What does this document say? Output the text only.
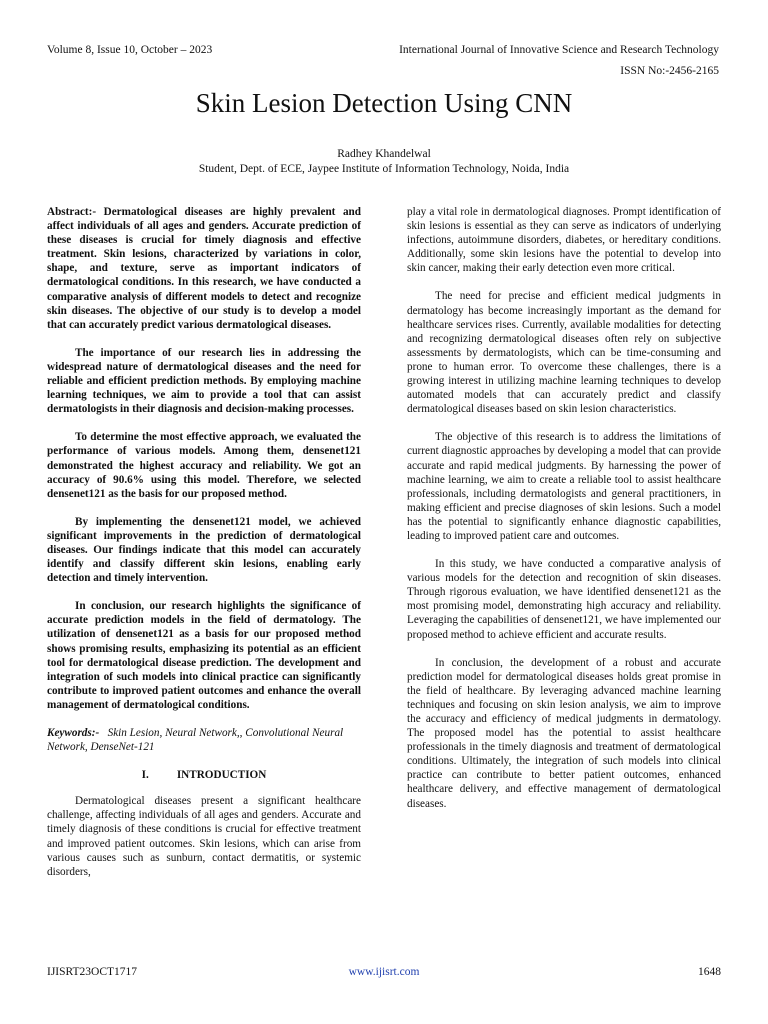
Volume 8, Issue 10, October – 2023	International Journal of Innovative Science and Research Technology
ISSN No:-2456-2165
Skin Lesion Detection Using CNN
Radhey Khandelwal
Student, Dept. of ECE, Jaypee Institute of Information Technology, Noida, India

Abstract:- Dermatological diseases are highly prevalent and affect individuals of all ages and genders. Accurate prediction of these diseases is crucial for timely diagnosis and effective treatment. Skin lesions, characterized by variations in color, shape, and texture, serve as important indicators of dermatological conditions. In this research, we have conducted a comparative analysis of different models to detect and recognize skin diseases. The objective of our study is to develop a model that can accurately predict various dermatological diseases.

The importance of our research lies in addressing the widespread nature of dermatological diseases and the need for reliable and efficient prediction methods. By employing machine learning techniques, we aim to provide a tool that can assist dermatologists in their diagnosis and decision-making processes.

To determine the most effective approach, we evaluated the performance of various models. Among them, densenet121 demonstrated the highest accuracy and reliability. We got an accuracy of 90.6% using this model. Therefore, we selected densenet121 as the basis for our proposed method.

By implementing the densenet121 model, we achieved significant improvements in the prediction of dermatological diseases. Our findings indicate that this model can accurately identify and classify different skin lesions, enabling early detection and timely intervention.

In conclusion, our research highlights the significance of accurate prediction models in the field of dermatology. The utilization of densenet121 as a basis for our proposed method shows promising results, emphasizing its potential as an efficient tool for dermatological disease prediction. The development and integration of such models into clinical practice can significantly contribute to improved patient outcomes and enhance the overall management of dermatological conditions.

Keywords:- Skin Lesion, Neural Network,, Convolutional Neural Network, DenseNet-121

I.	INTRODUCTION

Dermatological diseases present a significant healthcare challenge, affecting individuals of all ages and genders. Accurate and timely diagnosis of these conditions is crucial for effective treatment and improved patient outcomes. Skin lesions, which can arise from various causes such as sunburn, contact dermatitis, or systemic disorders,

play a vital role in dermatological diagnoses. Prompt identification of skin lesions is essential as they can serve as indicators of underlying infections, autoimmune disorders, diabetes, or hereditary conditions. Additionally, some skin lesions have the potential to develop into skin cancer, making their early detection even more critical.

The need for precise and efficient medical judgments in dermatology has become increasingly important as the demand for healthcare services rises. Currently, available modalities for detecting and recognizing dermatological diseases often rely on subjective assessments by dermatologists, which can be time-consuming and prone to human error. To overcome these challenges, there is a growing interest in utilizing machine learning techniques to develop automated models that can accurately predict and classify dermatological diseases based on skin lesion characteristics.

The objective of this research is to address the limitations of current diagnostic approaches by developing a model that can provide accurate and rapid medical judgments. By harnessing the power of machine learning, we aim to create a reliable tool to assist healthcare professionals, including dermatologists and general practitioners, in making efficient and precise diagnoses of skin lesions. Such a model has the potential to significantly enhance diagnostic capabilities, leading to improved patient care and outcomes.

In this study, we have conducted a comparative analysis of various models for the detection and recognition of skin diseases. Through rigorous evaluation, we have identified densenet121 as the most promising model, demonstrating high accuracy and reliability. Leveraging the capabilities of densenet121, we have implemented our proposed method to achieve efficient and accurate results.

In conclusion, the development of a robust and accurate prediction model for dermatological diseases holds great promise in the field of healthcare. By leveraging advanced machine learning techniques and focusing on skin lesion analysis, we aim to improve the accuracy and efficiency of medical judgments in dermatology. The proposed model has the potential to assist healthcare professionals in the timely diagnosis and treatment of dermatological conditions. Ultimately, the integration of such models into clinical practice can contribute to better patient outcomes, enhanced healthcare delivery, and effective management of dermatological diseases.

IJISRT23OCT1717	www.ijisrt.com	1648
